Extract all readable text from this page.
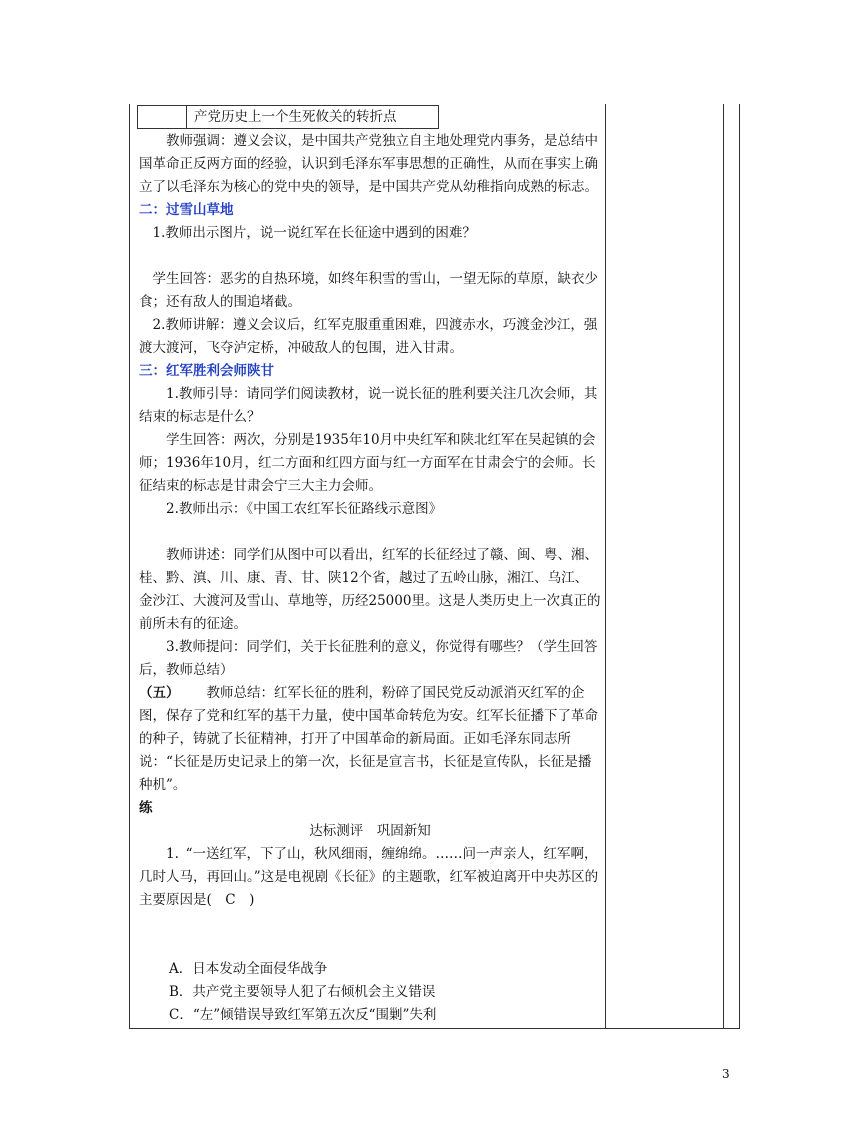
产党历史上一个生死攸关的转折点

教师强调：遵义会议，是中国共产党独立自主地处理党内事务，是总结中国革命正反两方面的经验，认识到毛泽东军事思想的正确性，从而在事实上确立了以毛泽东为核心的党中央的领导，是中国共产党从幼稚指向成熟的标志。

二：过雪山草地

1.教师出示图片，说一说红军在长征途中遇到的困难？

学生回答：恶劣的自热环境，如终年积雪的雪山，一望无际的草原，缺衣少食；还有敌人的围追堵截。

2.教师讲解：遵义会议后，红军克服重重困难，四渡赤水，巧渡金沙江，强渡大渡河，飞夺泸定桥，冲破敌人的包围，进入甘肃。

三：红军胜利会师陕甘

1.教师引导：请同学们阅读教材，说一说长征的胜利要关注几次会师，其结束的标志是什么？

学生回答：两次，分别是1935年10月中央红军和陕北红军在吴起镇的会师；1936年10月，红二方面和红四方面与红一方面军在甘肃会宁的会师。长征结束的标志是甘肃会宁三大主力会师。

2.教师出示：《中国工农红军长征路线示意图》

教师讲述：同学们从图中可以看出，红军的长征经过了赣、闽、粤、湘、桂、黔、滇、川、康、青、甘、陕12个省，越过了五岭山脉，湘江、乌江、金沙江、大渡河及雪山、草地等，历经25000里。这是人类历史上一次真正的前所未有的征途。

3.教师提问：同学们，关于长征胜利的意义，你觉得有哪些？（学生回答后，教师总结）

（五）   教师总结：红军长征的胜利，粉碎了国民党反动派消灭红军的企图，保存了党和红军的基干力量，使中国革命转危为安。红军长征播下了革命的种子，铸就了长征精神，打开了中国革命的新局面。正如毛泽东同志所说：“长征是历史记录上的第一次，长征是宣言书，长征是宣传队，长征是播种机”。

练

达标测评　巩固新知

1.  “一送红军，下了山，秋风细雨，缠绵绵。……问一声亲人，红军啊，几时人马，再回山。”这是电视剧《长征》的主题歌，红军被迫离开中央苏区的主要原因是(　C　)

A．日本发动全面侵华战争

B．共产党主要领导人犯了右倾机会主义错误

C．“左”倾错误导致红军第五次反“围剿”失利

3
